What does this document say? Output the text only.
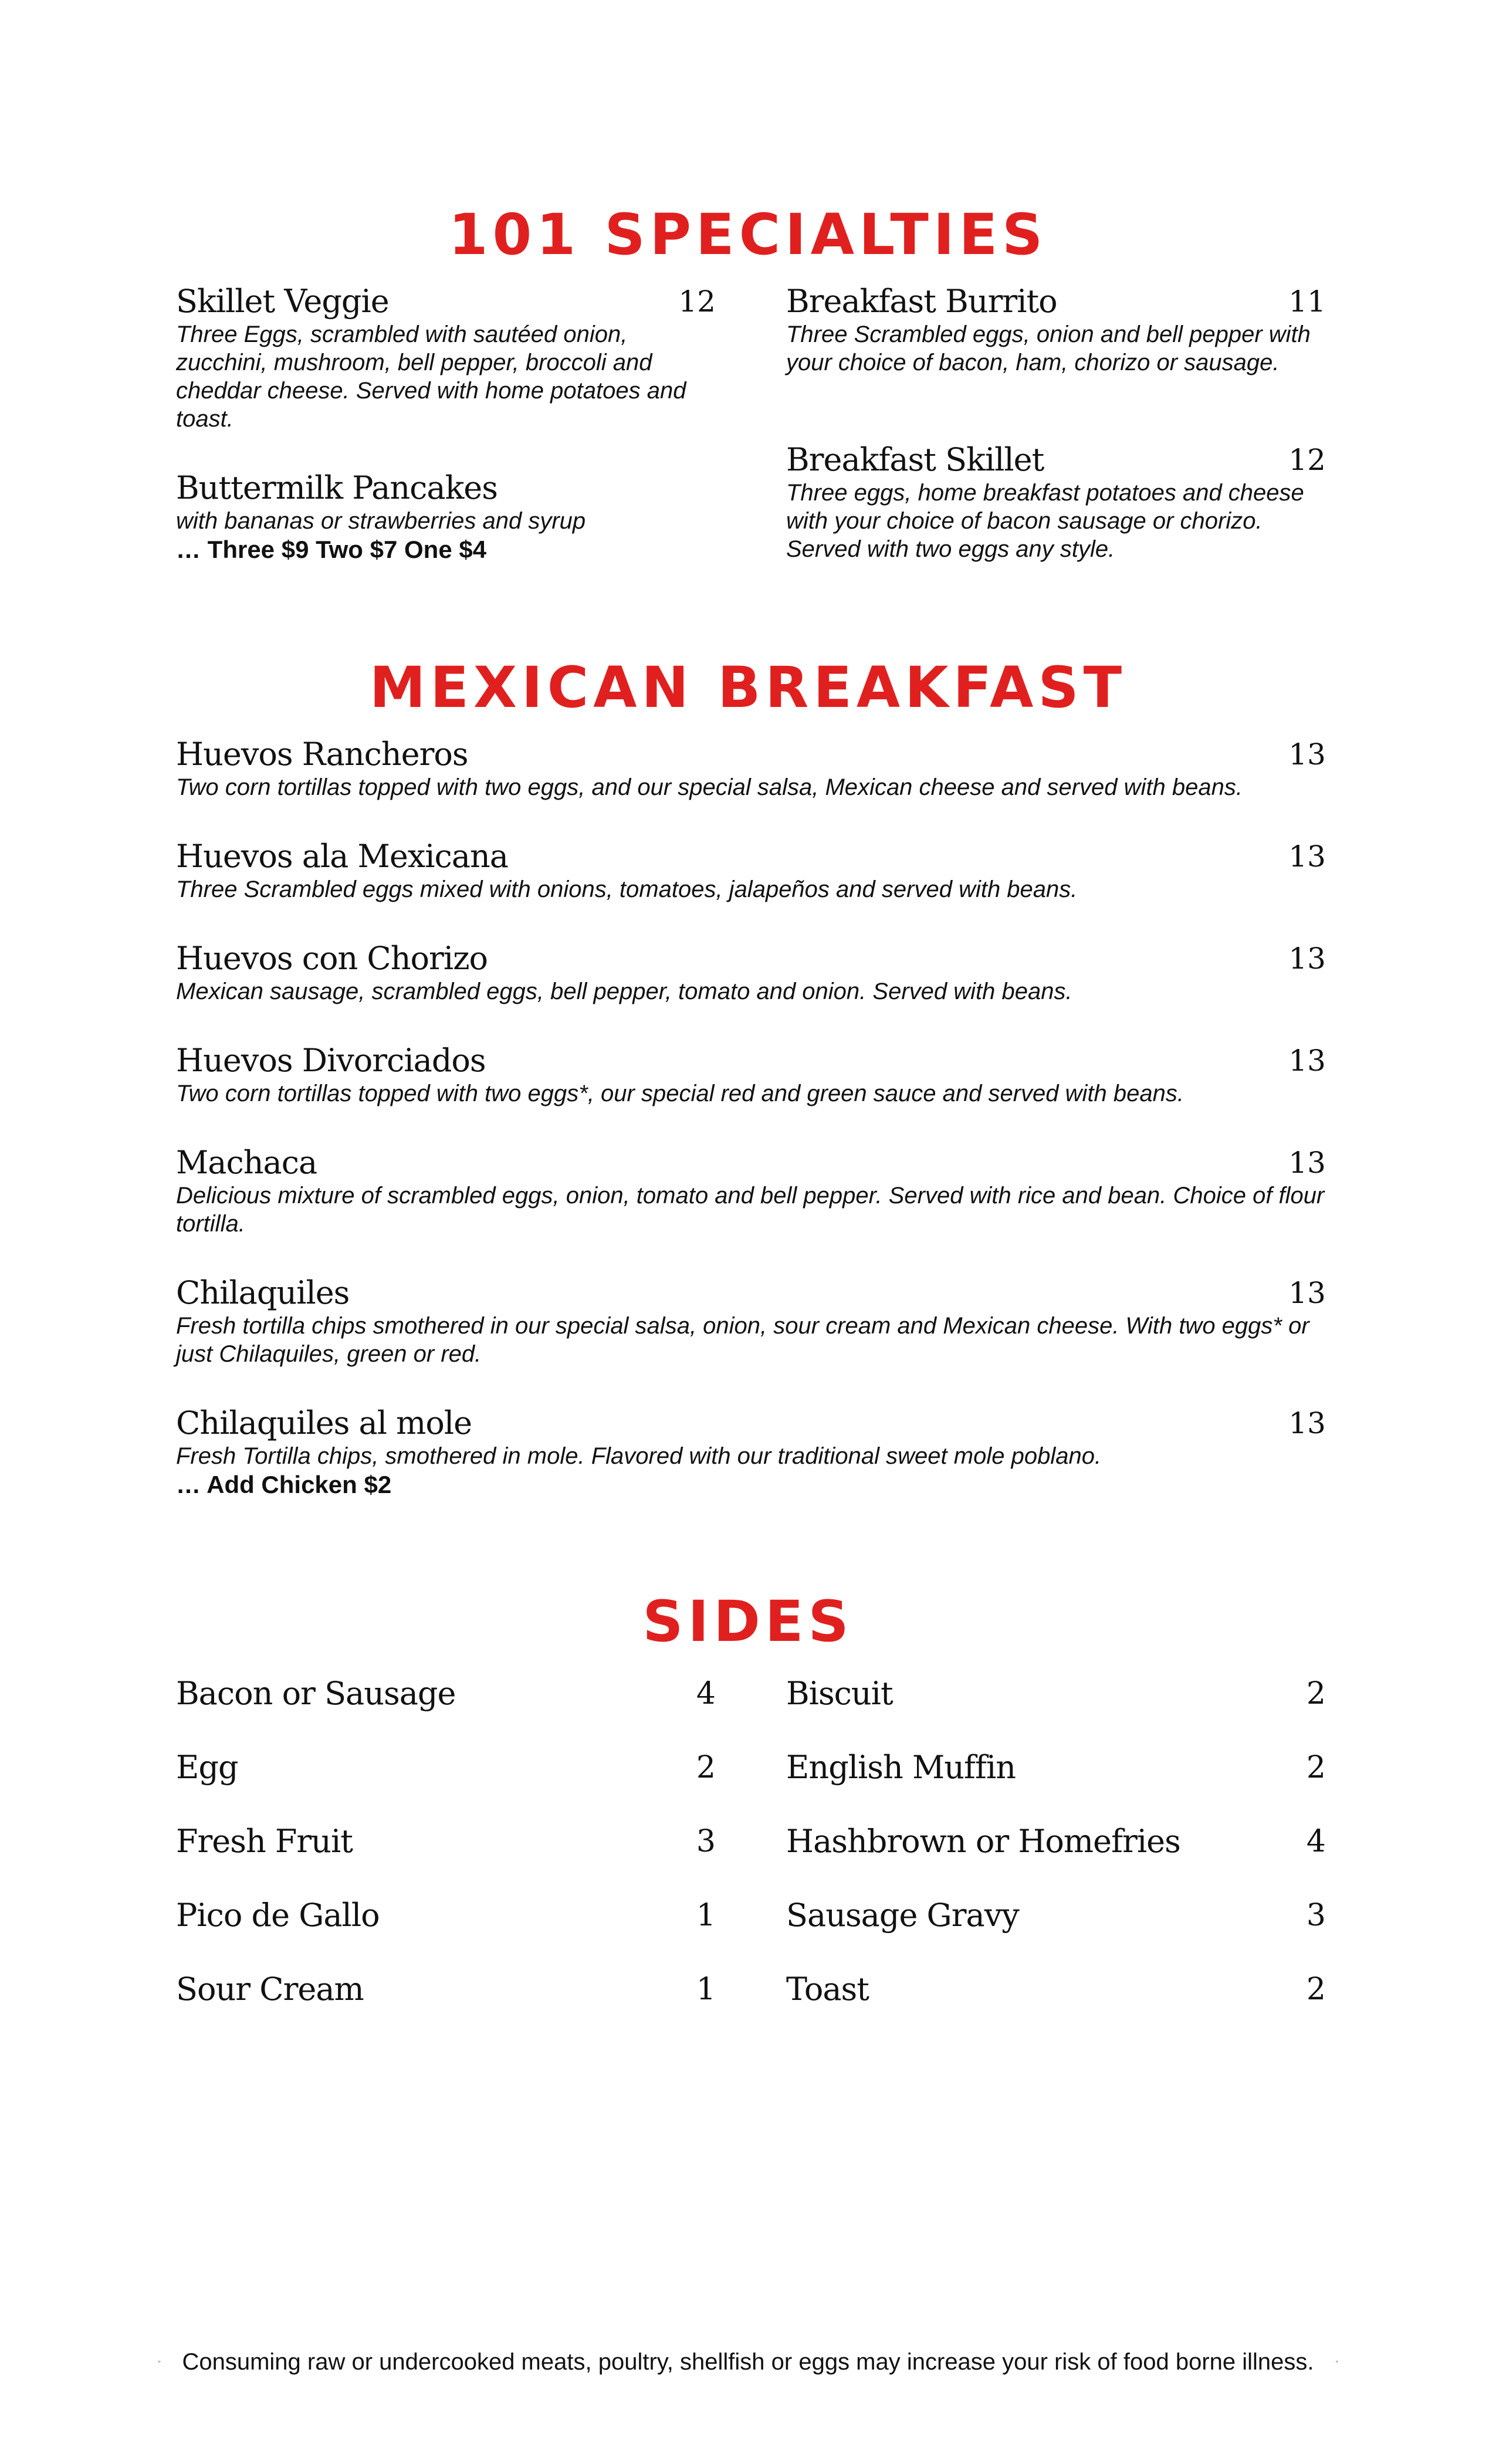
101 SPECIALTIES
Skillet Veggie	12
Three Eggs, scrambled with sautéed onion, zucchini, mushroom, bell pepper, broccoli and cheddar cheese. Served with home potatoes and toast.
Buttermilk Pancakes
with bananas or strawberries and syrup
… Three $9 Two $7 One $4
Breakfast Burrito	11
Three Scrambled eggs, onion and bell pepper with your choice of bacon, ham, chorizo or sausage.
Breakfast Skillet	12
Three eggs, home breakfast potatoes and cheese with your choice of bacon sausage or chorizo. Served with two eggs any style.
MEXICAN BREAKFAST
Huevos Rancheros	13
Two corn tortillas topped with two eggs, and our special salsa, Mexican cheese and served with beans.
Huevos ala Mexicana	13
Three Scrambled eggs mixed with onions, tomatoes, jalapeños and served with beans.
Huevos con Chorizo	13
Mexican sausage, scrambled eggs, bell pepper, tomato and onion. Served with beans.
Huevos Divorciados	13
Two corn tortillas topped with two eggs*, our special red and green sauce and served with beans.
Machaca	13
Delicious mixture of scrambled eggs, onion, tomato and bell pepper. Served with rice and bean. Choice of flour tortilla.
Chilaquiles	13
Fresh tortilla chips smothered in our special salsa, onion, sour cream and Mexican cheese. With two eggs* or just Chilaquiles, green or red.
Chilaquiles al mole	13
Fresh Tortilla chips, smothered in mole. Flavored with our traditional sweet mole poblano.
… Add Chicken $2
SIDES
Bacon or Sausage	4
Egg	2
Fresh Fruit	3
Pico de Gallo	1
Sour Cream	1
Biscuit	2
English Muffin	2
Hashbrown or Homefries	4
Sausage Gravy	3
Toast	2
Consuming raw or undercooked meats, poultry, shellfish or eggs may increase your risk of food borne illness.
